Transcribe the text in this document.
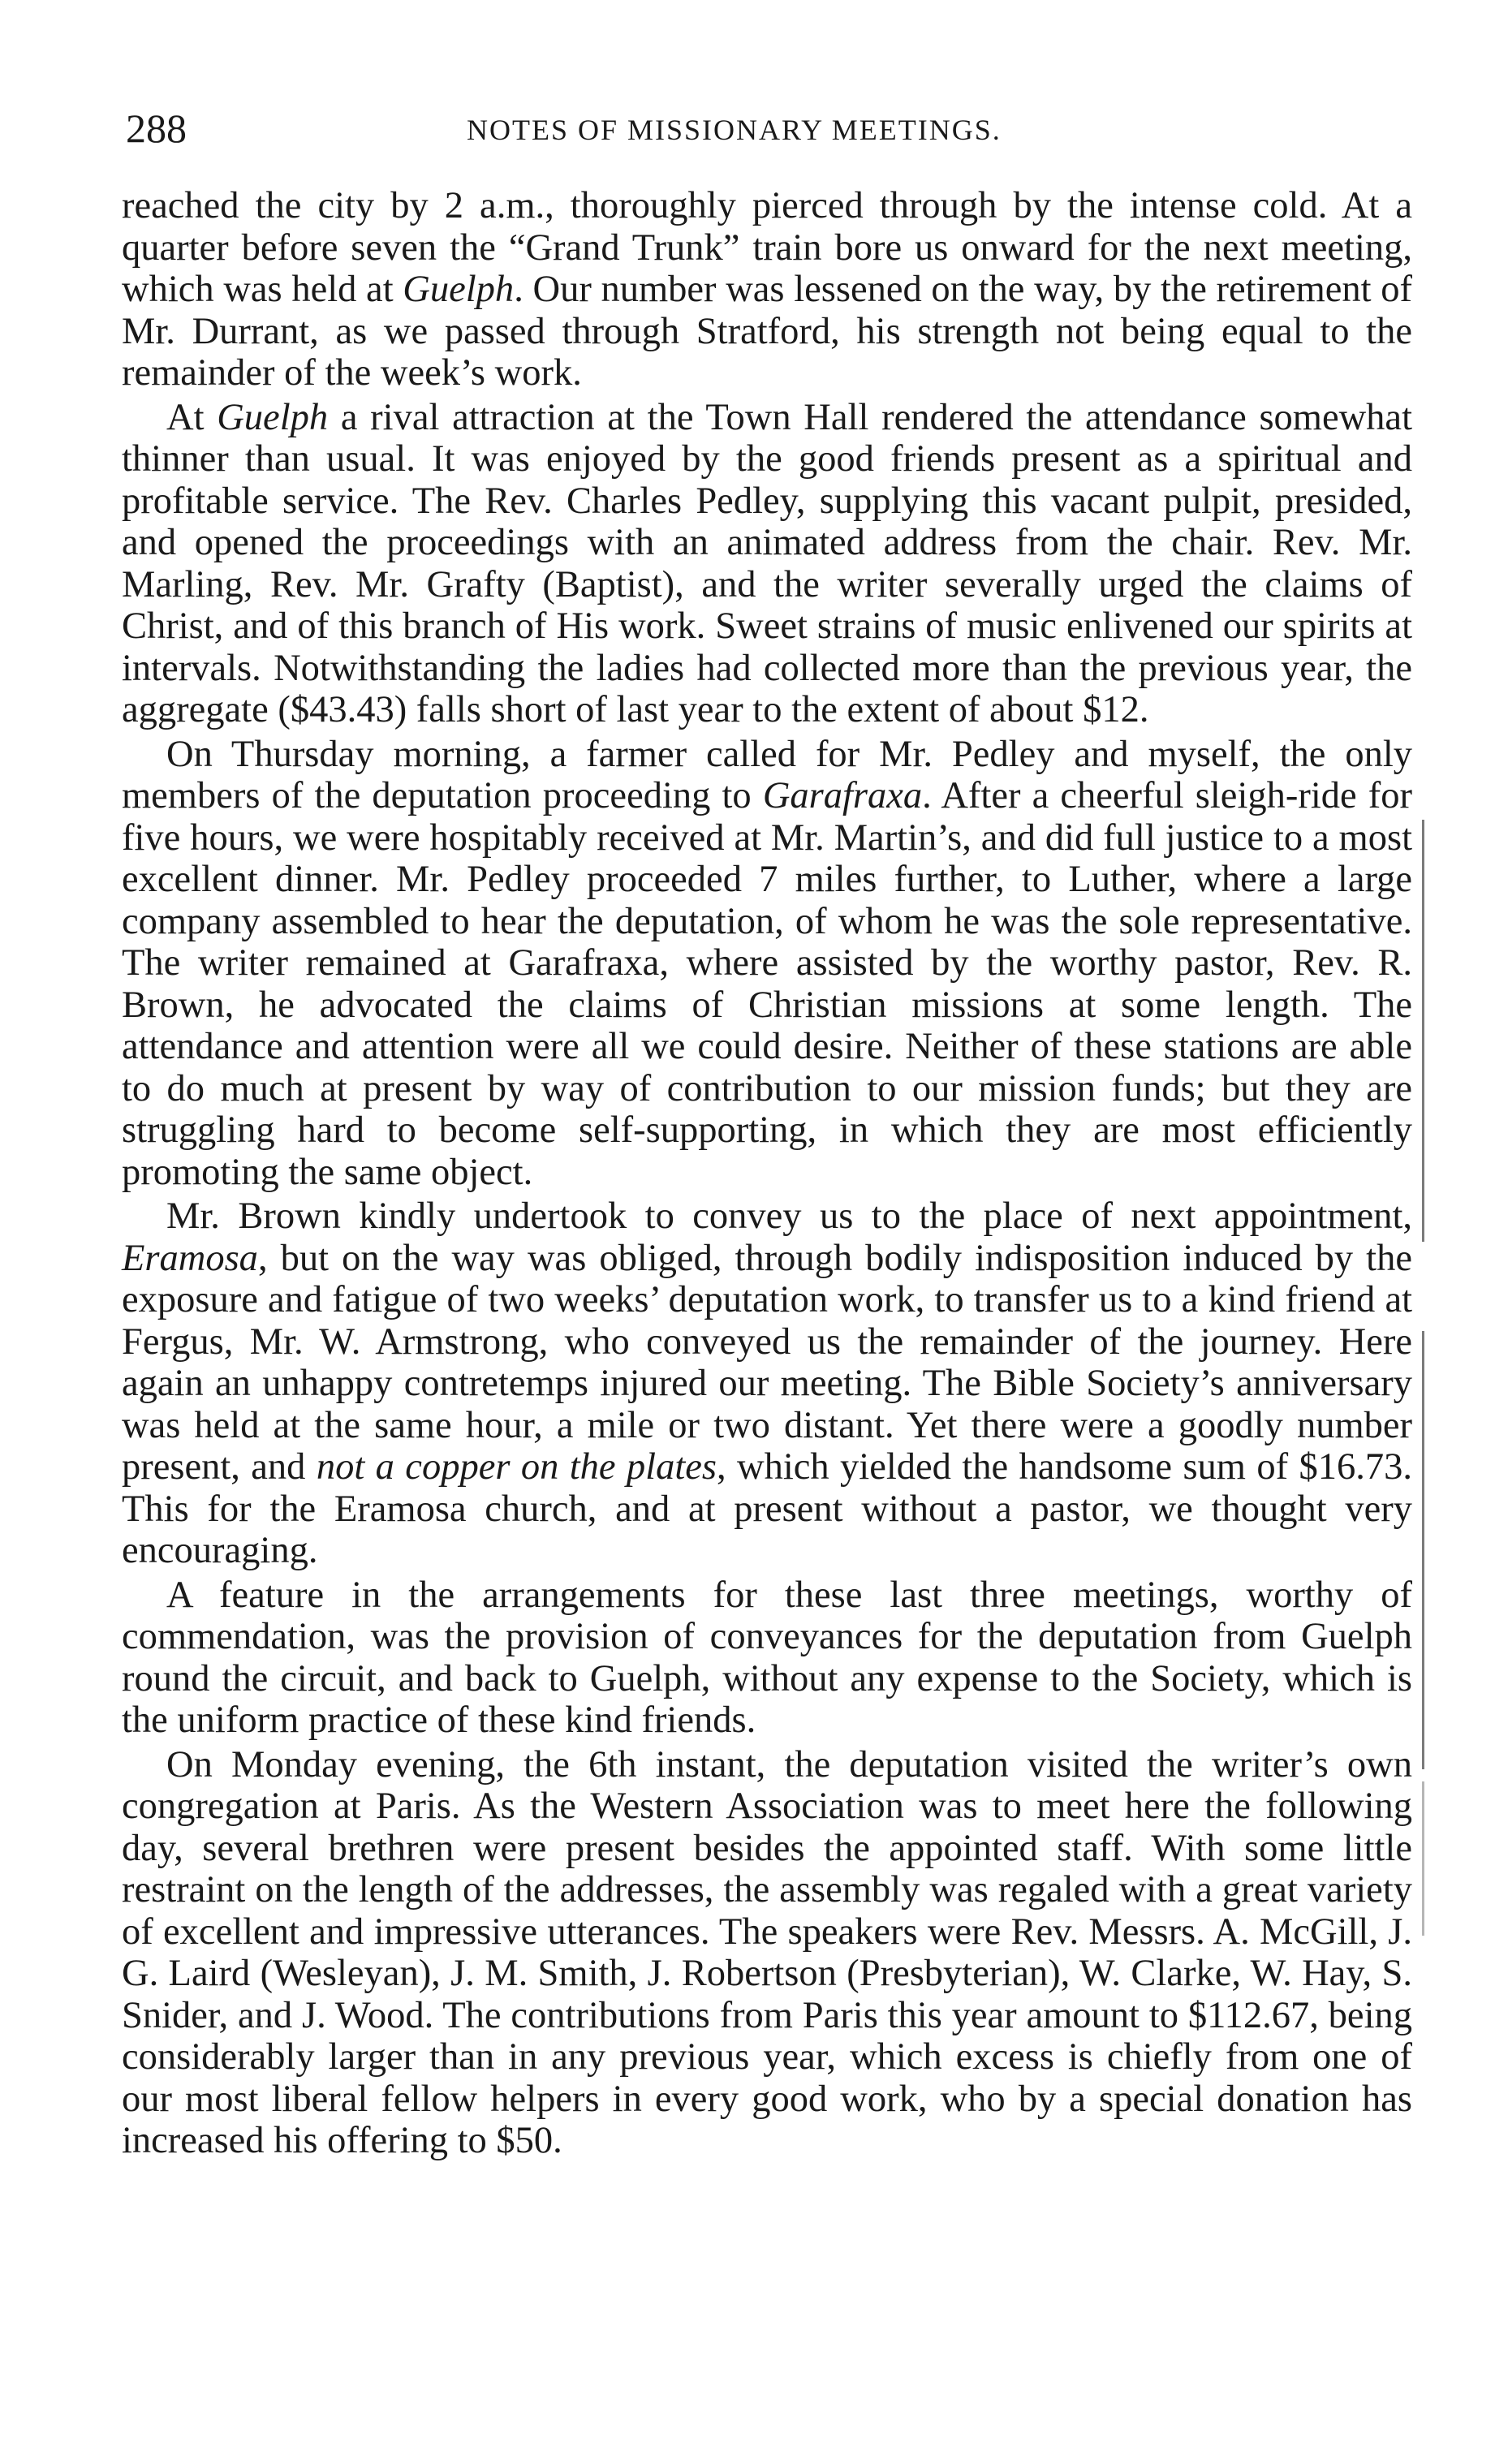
288	NOTES OF MISSIONARY MEETINGS.

reached the city by 2 a.m., thoroughly pierced through by the intense cold. At a quarter before seven the “Grand Trunk” train bore us onward for the next meeting, which was held at Guelph. Our number was lessened on the way, by the retirement of Mr. Durrant, as we passed through Stratford, his strength not being equal to the remainder of the week’s work.

At Guelph a rival attraction at the Town Hall rendered the attendance somewhat thinner than usual. It was enjoyed by the good friends present as a spiritual and profitable service. The Rev. Charles Pedley, supplying this vacant pulpit, presided, and opened the proceedings with an animated address from the chair. Rev. Mr. Marling, Rev. Mr. Grafty (Baptist), and the writer severally urged the claims of Christ, and of this branch of His work. Sweet strains of music enlivened our spirits at intervals. Notwithstanding the ladies had collected more than the previous year, the aggregate ($43.43) falls short of last year to the extent of about $12.

On Thursday morning, a farmer called for Mr. Pedley and myself, the only members of the deputation proceeding to Garafraxa. After a cheerful sleigh-ride for five hours, we were hospitably received at Mr. Martin’s, and did full justice to a most excellent dinner. Mr. Pedley proceeded 7 miles further, to Luther, where a large company assembled to hear the deputation, of whom he was the sole representative. The writer remained at Garafraxa, where assisted by the worthy pastor, Rev. R. Brown, he advocated the claims of Christian missions at some length. The attendance and attention were all we could desire. Neither of these stations are able to do much at present by way of contribution to our mission funds; but they are struggling hard to become self-supporting, in which they are most efficiently promoting the same object.

Mr. Brown kindly undertook to convey us to the place of next appointment, Eramosa, but on the way was obliged, through bodily indisposition induced by the exposure and fatigue of two weeks’ deputation work, to transfer us to a kind friend at Fergus, Mr. W. Armstrong, who conveyed us the remainder of the journey. Here again an unhappy contretemps injured our meeting. The Bible Society’s anniversary was held at the same hour, a mile or two distant. Yet there were a goodly number present, and not a copper on the plates, which yielded the handsome sum of $16.73. This for the Eramosa church, and at present without a pastor, we thought very encouraging.

A feature in the arrangements for these last three meetings, worthy of commendation, was the provision of conveyances for the deputation from Guelph round the circuit, and back to Guelph, without any expense to the Society, which is the uniform practice of these kind friends.

On Monday evening, the 6th instant, the deputation visited the writer’s own congregation at Paris. As the Western Association was to meet here the following day, several brethren were present besides the appointed staff. With some little restraint on the length of the addresses, the assembly was regaled with a great variety of excellent and impressive utterances. The speakers were Rev. Messrs. A. McGill, J. G. Laird (Wesleyan), J. M. Smith, J. Robertson (Presbyterian), W. Clarke, W. Hay, S. Snider, and J. Wood. The contributions from Paris this year amount to $112.67, being considerably larger than in any previous year, which excess is chiefly from one of our most liberal fellow helpers in every good work, who by a special donation has increased his offering to $50.
